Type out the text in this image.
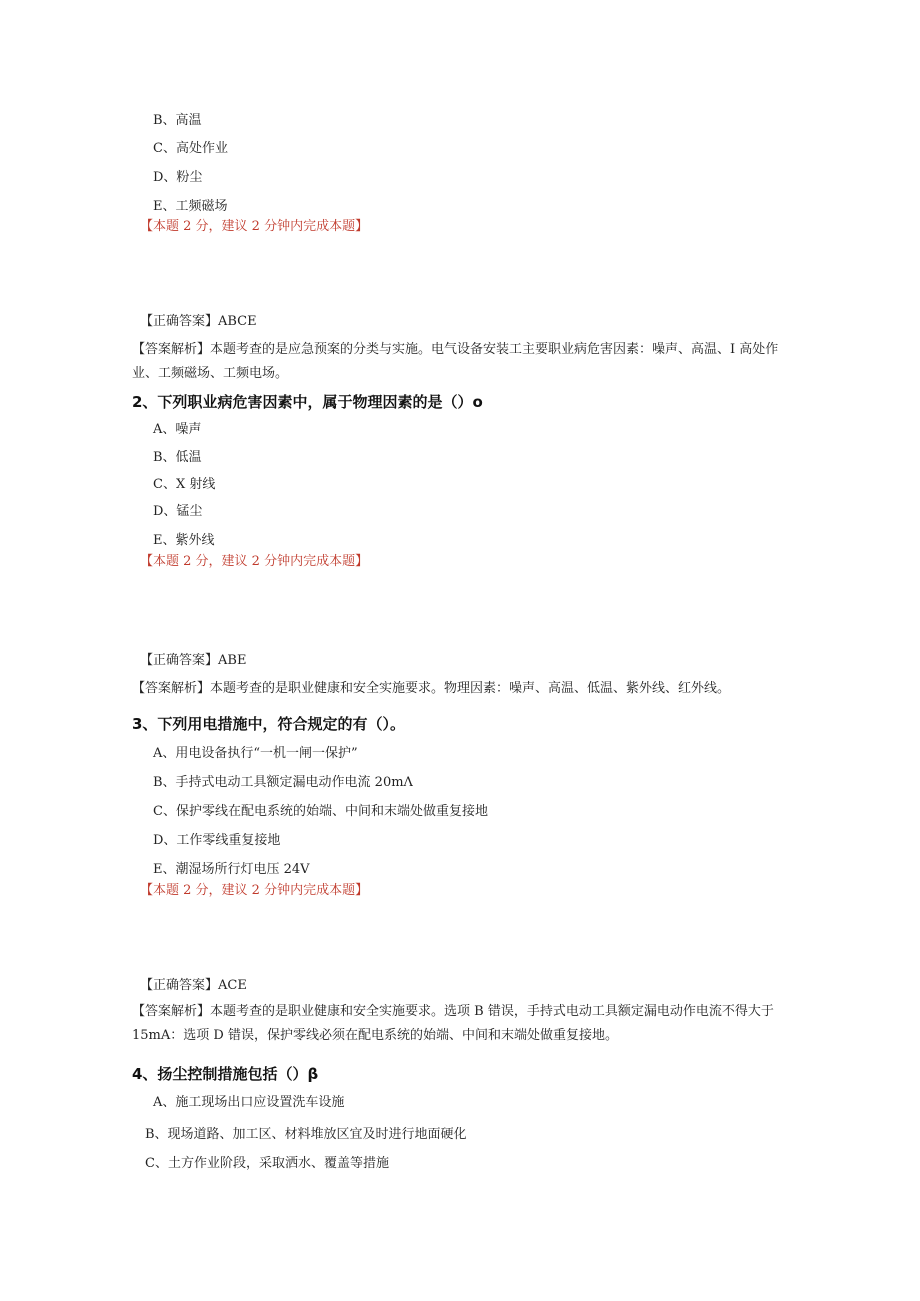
B、高温
C、高处作业
D、粉尘
E、工频磁场
【本题 2 分，建议 2 分钟内完成本题】
【正确答案】ABCE
【答案解析】本题考查的是应急预案的分类与实施。电气设备安装工主要职业病危害因素：噪声、高温、I 高处作业、工频磁场、工频电场。
2、下列职业病危害因素中，属于物理因素的是（）o
A、噪声
B、低温
C、X 射线
D、锰尘
E、紫外线
【本题 2 分，建议 2 分钟内完成本题】
【正确答案】ABE
【答案解析】本题考查的是职业健康和安全实施要求。物理因素：噪声、高温、低温、紫外线、红外线。
3、下列用电措施中，符合规定的有（）。
A、用电设备执行“一机一闸一保护”
B、手持式电动工具额定漏电动作电流 20mΛ
C、保护零线在配电系统的始端、中间和末端处做重复接地
D、工作零线重复接地
E、潮湿场所行灯电压 24V
【本题 2 分，建议 2 分钟内完成本题】
【正确答案】ACE
【答案解析】本题考查的是职业健康和安全实施要求。选项 B 错误，手持式电动工具额定漏电动作电流不得大于 15mA：选项 D 错误，保护零线必须在配电系统的始端、中间和末端处做重复接地。
4、扬尘控制措施包括（）β
A、施工现场出口应设置洗车设施
B、现场道路、加工区、材料堆放区宜及时进行地面硬化
C、土方作业阶段，采取洒水、覆盖等措施
